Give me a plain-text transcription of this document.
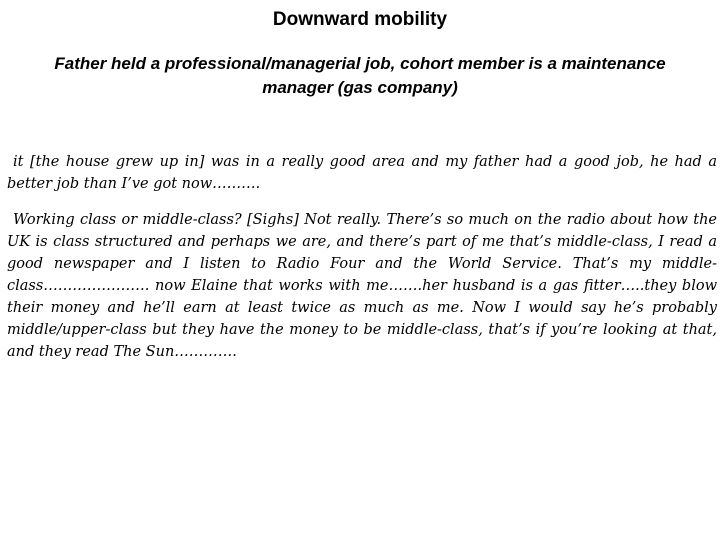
Downward mobility
Father held a professional/managerial job, cohort member is a maintenance manager (gas company)

it [the house grew up in] was in a really good area and my father had a good job, he had a better job than I’ve got now……….

Working class or middle-class? [Sighs] Not really. There’s so much on the radio about how the UK is class structured and perhaps we are, and there’s part of me that’s middle-class, I read a good newspaper and I listen to Radio Four and the World Service. That’s my middle-class…………………. now Elaine that works with me…….her husband is a gas fitter…..they blow their money and he’ll earn at least twice as much as me. Now I would say he’s probably middle/upper-class but they have the money to be middle-class, that’s if you’re looking at that, and they read The Sun………….
